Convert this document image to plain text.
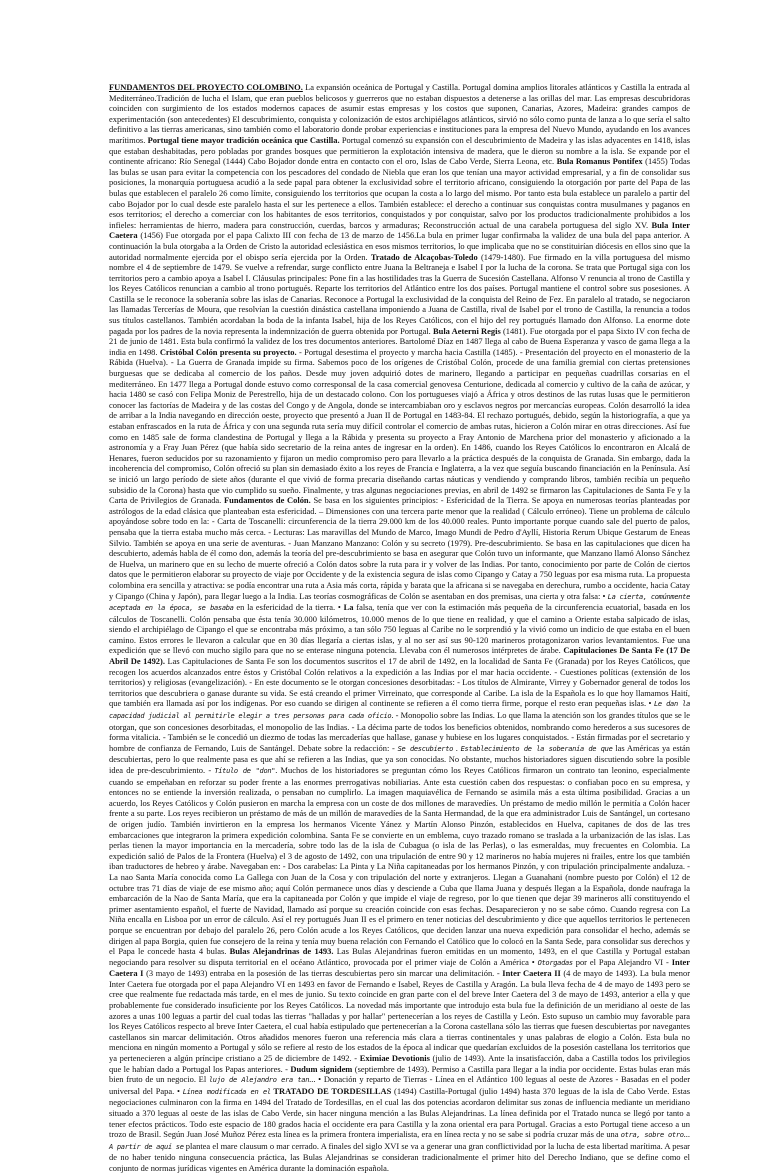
FUNDAMENTOS DEL PROYECTO COLOMBINO. La expansión oceánica de Portugal y Castilla. Portugal domina amplios litorales atlánticos y Castilla la entrada al Mediterráneo.Tradición de lucha el Islam, que eran pueblos belicosos y guerreros que no estaban dispuestos a detenerse a las orillas del mar. Las empresas descubridoras coinciden con surgimiento de los estados modernos capaces de asumir estas empresas y los costos que suponen, Canarias, Azores, Madeira: grandes campos de experimentación (son antecedentes) El descubrimiento, conquista y colonización de estos archipiélagos atlánticos, sirvió no sólo como punta de lanza a lo que sería el salto definitivo a las tierras americanas, sino también como el laboratorio donde probar experiencias e instituciones para la empresa del Nuevo Mundo, ayudando en los avances marítimos. Portugal tiene mayor tradición oceánica que Castilla. Portugal comenzó su expansión con el descubrimiento de Madeira y las islas adyacentes en 1418, islas que estaban deshabitadas, pero pobladas por grandes bosques que permitieron la explotación intensiva de madera, que le dieron su nombre a la isla. Se expande por el continente africano: Río Senegal (1444) Cabo Bojador donde entra en contacto con el oro, Islas de Cabo Verde, Sierra Leona, etc. Bula Romanus Pontifex (1455) Todas las bulas se usan para evitar la competencia con los pescadores del condado de Niebla que eran los que tenían una mayor actividad empresarial, y a fin de consolidar sus posiciones, la monarquía portuguesa acudió a la sede papal para obtener la exclusividad sobre el territorio africano, consiguiendo la otorgación por parte del Papa de las bulas que establecen el paralelo 26 como límite, consiguiendo los territorios que ocupan la costa a lo largo del mismo. Por tanto esta bula establece un paralelo a partir del cabo Bojador por lo cual desde este paralelo hasta el sur les pertenece a ellos. También establece: el derecho a continuar sus conquistas contra musulmanes y paganos en esos territorios; el derecho a comerciar con los habitantes de esos territorios, conquistados y por conquistar, salvo por los productos tradicionalmente prohibidos a los infieles: herramientas de hierro, madera para construcción, cuerdas, barcos y armaduras; Reconstrucción actual de una carabela portuguesa del siglo XV. Bula Inter Caetera (1456) Fue otorgada por el papa Calixto III con fecha de 13 de marzo de 1456.La bula en primer lugar confirmaba la validez de una bula del papa anterior. A continuación la bula otorgaba a la Orden de Cristo la autoridad eclesiástica en esos mismos territorios, lo que implicaba que no se constituirían diócesis en ellos sino que la autoridad normalmente ejercida por el obispo sería ejercida por la Orden. Tratado de Alcaçobas-Toledo (1479-1480). Fue firmado en la villa portuguesa del mismo nombre el 4 de septiembre de 1479. Se vuelve a refrendar, surge conflicto entre Juana la Beltraneja e Isabel I por la lucha de la corona. Se trata que Portugal siga con los territorios pero a cambio apoya a Isabel I. Cláusulas principales: Pone fin a las hostilidades tras la Guerra de Sucesión Castellana. Alfonso V renuncia al trono de Castilla y los Reyes Católicos renuncian a cambio al trono portugués. Reparte los territorios del Atlántico entre los dos países. Portugal mantiene el control sobre sus posesiones. A Castilla se le reconoce la soberanía sobre las islas de Canarias. Reconoce a Portugal la exclusividad de la conquista del Reino de Fez. En paralelo al tratado, se negociaron las llamadas Tercerías de Moura, que resolvían la cuestión dinástica castellana imponiendo a Juana de Castilla, rival de Isabel por el trono de Castilla, la renuncia a todos sus títulos castellanos. También acordaban la boda de la infanta Isabel, hija de los Reyes Católicos, con el hijo del rey portugués llamado don Alfonso. La enorme dote pagada por los padres de la novia representa la indemnización de guerra obtenida por Portugal. Bula Aeterni Regis (1481). Fue otorgada por el papa Sixto IV con fecha de 21 de junio de 1481. Esta bula confirmó la validez de los tres documentos anteriores. Bartolomé Díaz en 1487 llega al cabo de Buena Esperanza y vasco de gama llega a la india en 1498. Cristóbal Colón presenta su proyecto. - Portugal desestima el proyecto y marcha hacia Castilla (1485). - Presentación del proyecto en el monasterio de la Rábida (Huelva). - La Guerra de Granada impide su firma. Sabemos poco de los orígenes de Cristóbal Colón, procede de una familia gremial con ciertas pretensiones burguesas que se dedicaba al comercio de los paños. Desde muy joven adquirió dotes de marinero, llegando a participar en pequeñas cuadrillas corsarias en el mediterráneo. En 1477 llega a Portugal donde estuvo como corresponsal de la casa comercial genovesa Centurione, dedicada al comercio y cultivo de la caña de azúcar, y hacia 1480 se casó con Felipa Moniz de Perestrello, hija de un destacado colono. Con los portugueses viajó a África y otros destinos de las rutas lusas que le permitieron conocer las factorías de Madeira y de las costas del Congo y de Angola, donde se intercambiaban oro y esclavos negros por mercancías europeas. Colón desarrolló la idea de arribar a la India navegando en dirección oeste, proyecto que presentó a Juan II de Portugal en 1483-84. El rechazo portugués, debido, según la historiografía, a que ya estaban enfrascados en la ruta de África y con una segunda ruta sería muy difícil controlar el comercio de ambas rutas, hicieron a Colón mirar en otras direcciones. Así fue como en 1485 sale de forma clandestina de Portugal y llega a la Rábida y presenta su proyecto a Fray Antonio de Marchena prior del monasterio y aficionado a la astronomía y a Fray Juan Pérez (que había sido secretario de la reina antes de ingresar en la orden). En 1486, cuando los Reyes Católicos lo encontraron en Alcalá de Henares, fueron seducidos por su razonamiento y fijaron un medio compromiso pero para llevarlo a la práctica después de la conquista de Granada. Sin embargo, dada la incoherencia del compromiso, Colón ofreció su plan sin demasiado éxito a los reyes de Francia e Inglaterra, a la vez que seguía buscando financiación en la Península. Así se inició un largo período de siete años (durante el que vivió de forma precaria diseñando cartas náuticas y vendiendo y comprando libros, también recibía un pequeño subsidio de la Corona) hasta que vio cumplido su sueño. Finalmente, y tras algunas negociaciones previas, en abril de 1492 se firmaron las Capitulaciones de Santa Fe y la Carta de Privilegios de Granada. Fundamentos de Colón. Se basa en los siguientes principios: - Esfericidad de la Tierra. Se apoya en numerosas teorías planteadas por astrólogos de la edad clásica que planteaban esta esfericidad. – Dimensiones con una tercera parte menor que la realidad ( Cálculo erróneo). Tiene un problema de cálculo apoyándose sobre todo en la: - Carta de Toscanelli: circunferencia de la tierra 29.000 km de los 40.000 reales. Punto importante porque cuando sale del puerto de palos, pensaba que la tierra estaba mucho más cerca. - Lecturas: Las maravillas del Mundo de Marco, Imago Mundi de Pedro d'Ayllí, Historia Rerum Ubique Gestarum de Eneas Silvio. También se apoya en una serie de aventuras. - Juan Manzano Manzano: Colón y su secreto (1979). Pre-descubrimiento. Se basa en las capitulaciones que dicen ha descubierto, además habla de él como don, además la teoría del pre-descubrimiento se basa en asegurar que Colón tuvo un informante, que Manzano llamó Alonso Sánchez de Huelva, un marinero que en su lecho de muerte ofreció a Colón datos sobre la ruta para ir y volver de las Indias. Por tanto, conocimiento por parte de Colón de ciertos datos que le permitieron elaborar su proyecto de viaje por Occidente y de la existencia segura de islas como Cipango y Catay a 750 leguas por esa misma ruta. La propuesta colombina era sencilla y atractiva: se podía encontrar una ruta a Asia más corta, rápida y barata que la africana si se navegaba en derechura, rumbo a occidente, hacia Catay y Cipango (China y Japón), para llegar luego a la India. Las teorías cosmográficas de Colón se asentaban en dos premisas, una cierta y otra falsa: • La cierta, comúnmente aceptada en la época, se basaba en la esfericidad de la tierra. • La falsa, tenía que ver con la estimación más pequeña de la circunferencia ecuatorial, basada en los cálculos de Toscanelli. Colón pensaba que ésta tenía 30.000 kilómetros, 10.000 menos de lo que tiene en realidad, y que el camino a Oriente estaba salpicado de islas, siendo el archipiélago de Cipango el que se encontraba más próximo, a tan sólo 750 leguas al Caribe no le sorprendió y la vivió como un indicio de que estaba en el buen camino. Estos errores le llevaron a calcular que en 30 días llegaría a ciertas islas, y al no ser así sus 90-120 marineros protagonizaron varios levantamientos. Fue una expedición que se llevó con mucho sigilo para que no se enterase ninguna potencia. Llevaba con él numerosos intérpretes de árabe. Capitulaciones De Santa Fe (17 De Abril De 1492). Las Capitulaciones de Santa Fe son los documentos suscritos el 17 de abril de 1492, en la localidad de Santa Fe (Granada) por los Reyes Católicos, que recogen los acuerdos alcanzados entre éstos y Cristóbal Colón relativos a la expedición a las Indias por el mar hacia occidente. - Cuestiones políticas (extensión de los territorios) y religiosas (evangelización). - En este documento se le otorgan concesiones desorbitadas: - Los títulos de Almirante, Virrey y Gobernador general de todos los territorios que descubriera o ganase durante su vida. Se está creando el primer Virreinato, que corresponde al Caribe. La isla de la Española es lo que hoy llamamos Haití, que también era llamada así por los indígenas. Por eso cuando se dirigen al continente se refieren a él como tierra firme, porque el resto eran pequeñas islas. • Le dan la capacidad judicial al permitirle elegir a tres personas para cada oficio. - Monopolio sobre las Indias. Lo que llama la atención son los grandes títulos que se le otorgan, que son concesiones desorbitadas, el monopolio de las Indias. - La décima parte de todos los beneficios obtenidos, nombrando como herederos a sus sucesores de forma vitalicia. - También se le concedió un diezmo de todas las mercaderías que hallase, ganase y hubiese en los lugares conquistados. - Están firmadas por el secretario y hombre de confianza de Fernando, Luis de Santángel. Debate sobre la redacción: - Se descubierto . Establecimiento de la soberanía de que las Américas ya están descubiertas, pero lo que realmente pasa es que ahí se refieren a las Indias, que ya son conocidas. No obstante, muchos historiadores siguen discutiendo sobre la posible idea de pre-descubrimiento. - Título de "don". Muchos de los historiadores se preguntan cómo los Reyes Católicos firmaron un contrato tan leonino, especialmente cuando se empeñaban en reforzar su poder frente a las enormes prerrogativas nobiliarias. Ante esta cuestión caben dos respuestas: o confiaban poco en su empresa, y entonces no se entiende la inversión realizada, o pensaban no cumplirlo. La imagen maquiavélica de Fernando se asimila más a esta última posibilidad. Gracias a un acuerdo, los Reyes Católicos y Colón pusieron en marcha la empresa con un coste de dos millones de maravedíes. Un préstamo de medio millón le permitía a Colón hacer frente a su parte. Los reyes recibieron un préstamo de más de un millón de maravedíes de la Santa Hermandad, de la que era administrador Luis de Santángel, un cortesano de origen judío. También invirtieron en la empresa los hermanos Vicente Yánez y Martín Alonso Pinzón, establecidos en Huelva, capitanes de dos de las tres embarcaciones que integraron la primera expedición colombina. Santa Fe se convierte en un emblema, cuyo trazado romano se traslada a la urbanización de las islas. Las perlas tienen la mayor importancia en la mercadería, sobre todo las de la isla de Cubagua (o isla de las Perlas), o las esmeraldas, muy frecuentes en Colombia. La expedición salió de Palos de la Frontera (Huelva) el 3 de agosto de 1492, con una tripulación de entre 90 y 12 marineros no había mujeres ni frailes, entre los que también iban traductores de hebreo y árabe. Navegaban en: - Dos carabelas: La Pinta y La Niña capitaneadas por los hermanos Pinzón, y con tripulación principalmente andaluza. - La nao Santa María conocida como La Gallega con Juan de la Cosa y con tripulación del norte y extranjeros. Llegan a Guanahani (nombre puesto por Colón) el 12 de octubre tras 71 días de viaje de ese mismo año; aquí Colón permanece unos días y desciende a Cuba que llama Juana y después llegan a la Española, donde naufraga la embarcación de la Nao de Santa María, que era la capitaneada por Colón y que impide el viaje de regreso, por lo que tienen que dejar 39 marineros allí constituyendo el primer asentamiento español, el fuerte de Navidad, llamado así porque su creación coincide con esas fechas. Desaparecieron y no se sabe cómo. Cuando regresa con La Niña encalla en Lisboa por un error de cálculo. Así el rey portugués Juan II es el primero en tener noticias del descubrimiento y dice que aquellos territorios le pertenecen porque se encuentran por debajo del paralelo 26, pero Colón acude a los Reyes Católicos, que deciden lanzar una nueva expedición para consolidar el hecho, además se dirigen al papa Borgia, quien fue consejero de la reina y tenía muy buena relación con Fernando el Católico que lo colocó en la Santa Sede, para consolidar sus derechos y el Papa le concede hasta 4 bulas. Bulas Alejandrinas de 1493. Las Bulas Alejandrinas fueron emitidas en un momento, 1493, en el que Castilla y Portugal estaban negociando para resolver su disputa territorial en el océano Atlántico, provocada por el primer viaje de Colón a América • Otorgadas por el Papa Alejandro VI - Inter Caetera I (3 mayo de 1493) entraba en la posesión de las tierras descubiertas pero sin marcar una delimitación. - Inter Caetera II (4 de mayo de 1493). La bula menor Inter Caetera fue otorgada por el papa Alejandro VI en 1493 en favor de Fernando e Isabel, Reyes de Castilla y Aragón. La bula lleva fecha de 4 de mayo de 1493 pero se cree que realmente fue redactada más tarde, en el mes de junio. Su texto coincide en gran parte con el del breve Inter Caetera del 3 de mayo de 1493, anterior a ella y que probablemente fue considerado insuficiente por los Reyes Católicos. La novedad más importante que introdujo esta bula fue la definición de un meridiano al oeste de las azores a unas 100 leguas a partir del cual todas las tierras "halladas y por hallar" pertenecerían a los reyes de Castilla y León. Esto supuso un cambio muy favorable para los Reyes Católicos respecto al breve Inter Caetera, el cual había estipulado que pertenecerían a la Corona castellana sólo las tierras que fuesen descubiertas por navegantes castellanos sin marcar delimitación. Otros añadidos menores fueron una referencia más clara a tierras continentales y unas palabras de elogio a Colón. Esta bula no menciona en ningún momento a Portugal y sólo se refiere al resto de los estados de la época al indicar que quedarían excluidos de la posesión castellana los territorios que ya pertenecieren a algún príncipe cristiano a 25 de diciembre de 1492. - Eximiae Devotionis (julio de 1493). Ante la insatisfacción, daba a Castilla todos los privilegios que le habían dado a Portugal los Papas anteriores. - Dudum signidem (septiembre de 1493). Permiso a Castilla para llegar a la india por occidente. Estas bulas eran más bien fruto de un negocio. El lujo de Alejandro era tan... • Donación y reparto de Tierras - Línea en el Atlántico 100 leguas al oeste de Azores - Basadas en el poder universal del Papa. • Línea modificada en el TRATADO DE TORDESILLAS (1494) Castilla-Portugal (julio 1494) hasta 370 leguas de la isla de Cabo Verde. Estas negociaciones culminaron con la firma en 1494 del Tratado de Tordesillas, en el cual las dos potencias acordaron delimitar sus zonas de influencia mediante un meridiano situado a 370 leguas al oeste de las islas de Cabo Verde, sin hacer ninguna mención a las Bulas Alejandrinas. La línea definida por el Tratado nunca se llegó por tanto a tener efectos prácticos. Todo este espacio de 180 grados hacia el occidente era para Castilla y la zona oriental era para Portugal. Gracias a esto Portugal tiene acceso a un trozo de Brasil. Según Juan José Muñoz Pérez esta línea es la primera frontera imperialista, era en línea recta y no se sabe si podría cruzar más de una otra, sobre otro... A partir de aquí se plantea el mare clausum o mar cerrado. A finales del siglo XVI se va a generar una gran conflictividad por la lucha de esta libertad marítima. A pesar de no haber tenido ninguna consecuencia práctica, las Bulas Alejandrinas se consideran tradicionalmente el primer hito del Derecho Indiano, que se define como el conjunto de normas jurídicas vigentes en América durante la dominación española.
